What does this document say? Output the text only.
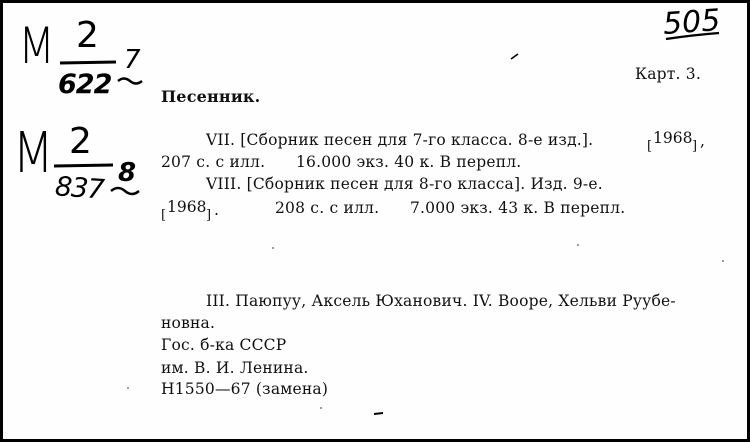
505
М 2
622
7
М 2
837 8
Карт. 3.
Песенник.
VII. [Сборник песен для 7-го класса. 8-е изд.].	[ 1968 ] ,
207 с. с илл.      16.000 экз. 40 к. В перепл.
VIII. [Сборник песен для 8-го класса]. Изд. 9-е.
[ 1968 ] .	208 с. с илл.      7.000 экз. 43 к. В перепл.
III. Паюпуу, Аксель Юханович. IV. Вооре, Хельви Руубе-
новна.
Гос. б-ка СССР
им. В. И. Ленина.
Н1550—67 (замена)
